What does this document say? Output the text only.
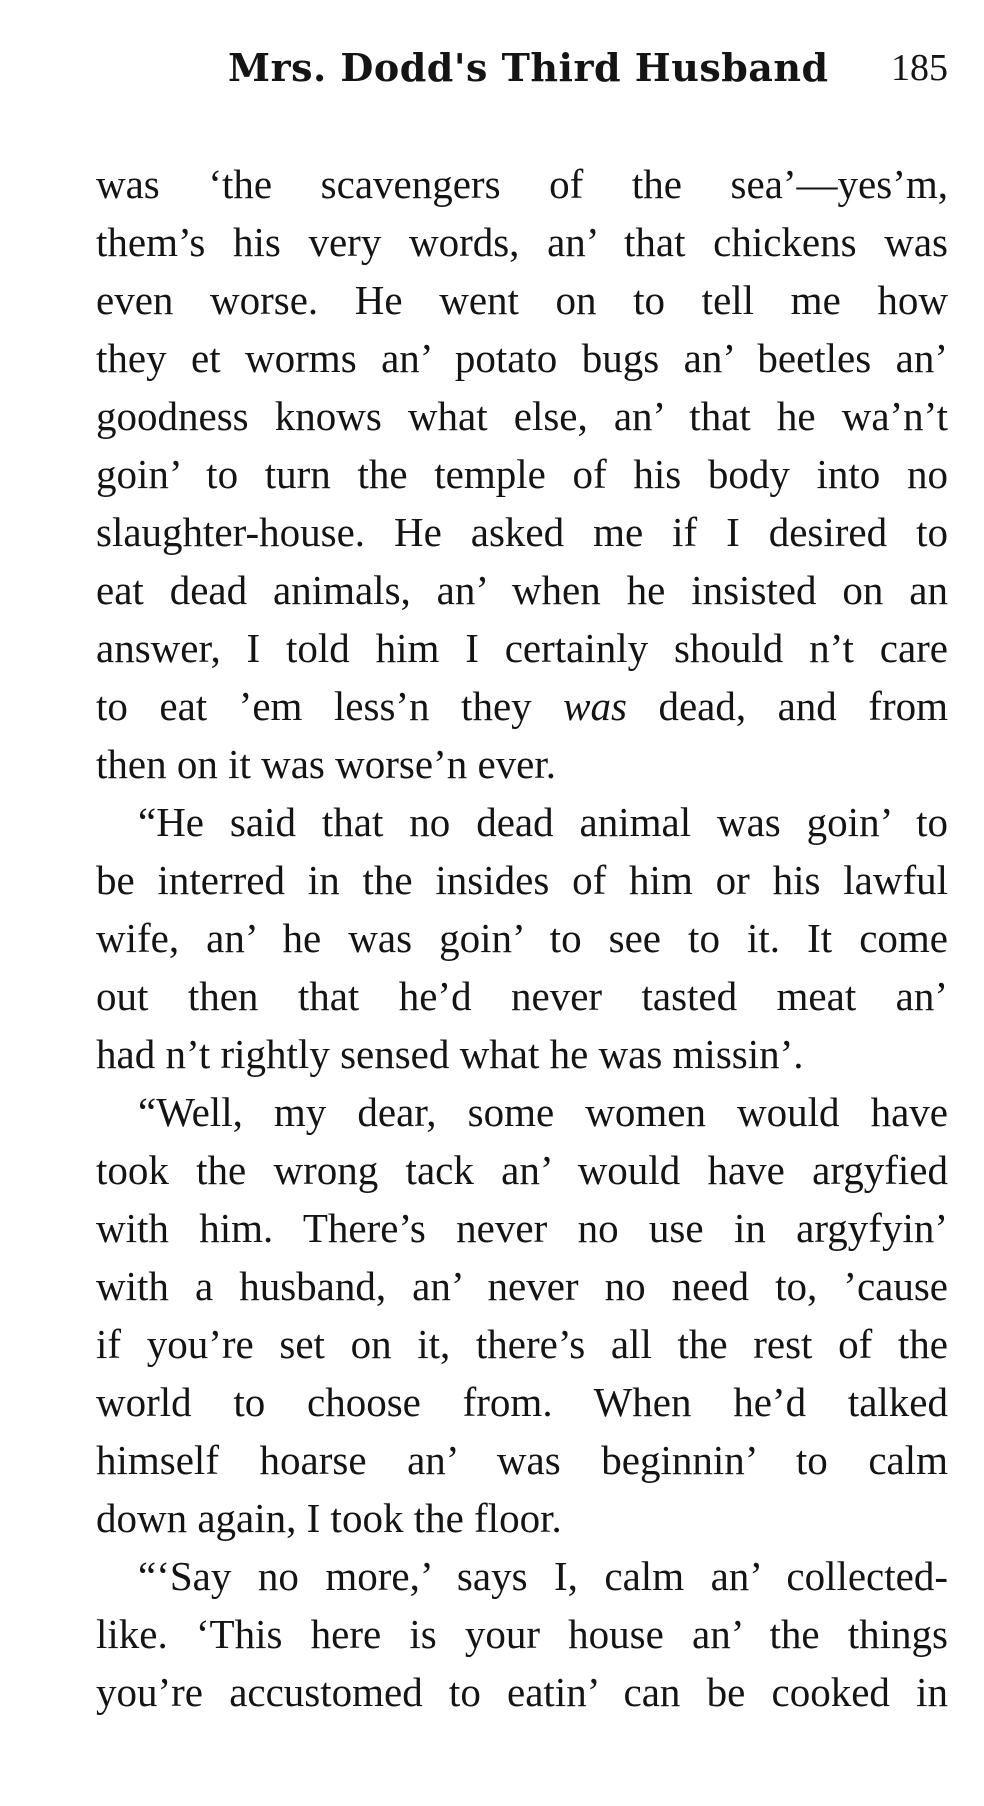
Mrs. Dodd's Third Husband 185
was ‘the scavengers of the sea’—yes’m,
them’s his very words, an’ that chickens was
even worse. He went on to tell me how
they et worms an’ potato bugs an’ beetles an’
goodness knows what else, an’ that he wa’n’t
goin’ to turn the temple of his body into no
slaughter-house. He asked me if I desired to
eat dead animals, an’ when he insisted on an
answer, I told him I certainly should n’t care
to eat ’em less’n they was dead, and from
then on it was worse’n ever.
“He said that no dead animal was goin’ to
be interred in the insides of him or his lawful
wife, an’ he was goin’ to see to it. It come
out then that he’d never tasted meat an’
had n’t rightly sensed what he was missin’.
“Well, my dear, some women would have
took the wrong tack an’ would have argyfied
with him. There’s never no use in argyfyin’
with a husband, an’ never no need to, ’cause
if you’re set on it, there’s all the rest of the
world to choose from. When he’d talked
himself hoarse an’ was beginnin’ to calm
down again, I took the floor.
“‘Say no more,’ says I, calm an’ collected-
like. ‘This here is your house an’ the things
you’re accustomed to eatin’ can be cooked in
